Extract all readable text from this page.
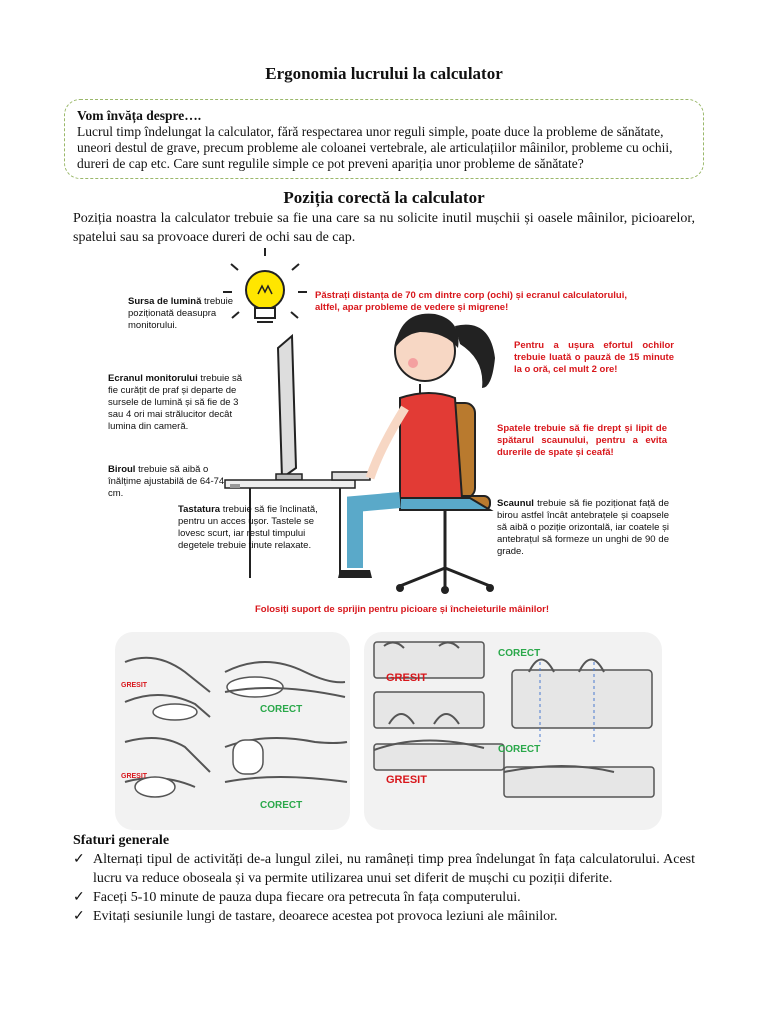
Ergonomia lucrului la calculator
Vom învăța despre….
Lucrul timp îndelungat la calculator, fără respectarea unor reguli simple, poate duce la probleme de sănătate, uneori destul de grave, precum probleme ale coloanei vertebrale, ale articulațiilor mâinilor, probleme cu ochii, dureri de cap etc. Care sunt regulile simple ce pot preveni apariția unor probleme de sănătate?
Poziția corectă la calculator
Poziția noastra la calculator trebuie sa fie una care sa nu solicite inutil mușchii și oasele mâinilor, picioarelor, spatelui sau sa provoace dureri de ochi sau de cap.
Sursa de lumină trebuie poziționată deasupra monitorului.
Ecranul monitorului trebuie să fie curățit de praf și departe de sursele de lumină și să fie de 3 sau 4 ori mai strălucitor decât lumina din cameră.
Biroul trebuie să aibă o înălțime ajustabilă de 64-74 cm.
Tastatura trebuie să fie înclinată, pentru un acces ușor. Tastele se lovesc scurt, iar restul timpului degetele trebuie ținute relaxate.
Păstrați distanța de 70 cm dintre corp (ochi) și ecranul calculatorului, altfel, apar probleme de vedere și migrene!
Pentru a ușura efortul ochilor trebuie luată o pauză de 15 minute la o oră, cel mult 2 ore!
Spatele trebuie să fie drept și lipit de spătarul scaunului, pentru a evita durerile de spate și ceafă!
Scaunul trebuie să fie poziționat față de birou astfel încât antebrațele și coapsele să aibă o poziție orizontală, iar coatele și antebrațul să formeze un unghi de 90 de grade.
Folosiți suport de sprijin pentru picioare și încheieturile mâinilor!
GRESIT
CORECT
GRESIT
CORECT
GRESIT
CORECT
CORECT
GRESIT
Sfaturi generale
✓ Alternați tipul de activități de-a lungul zilei, nu ramâneți timp prea îndelungat în fața calculatorului. Acest lucru va reduce oboseala și va permite utilizarea unui set diferit de mușchi cu poziții diferite.
✓ Faceți 5-10 minute de pauza dupa fiecare ora petrecuta în fața computerului.
✓ Evitați sesiunile lungi de tastare, deoarece acestea pot provoca leziuni ale mâinilor.
